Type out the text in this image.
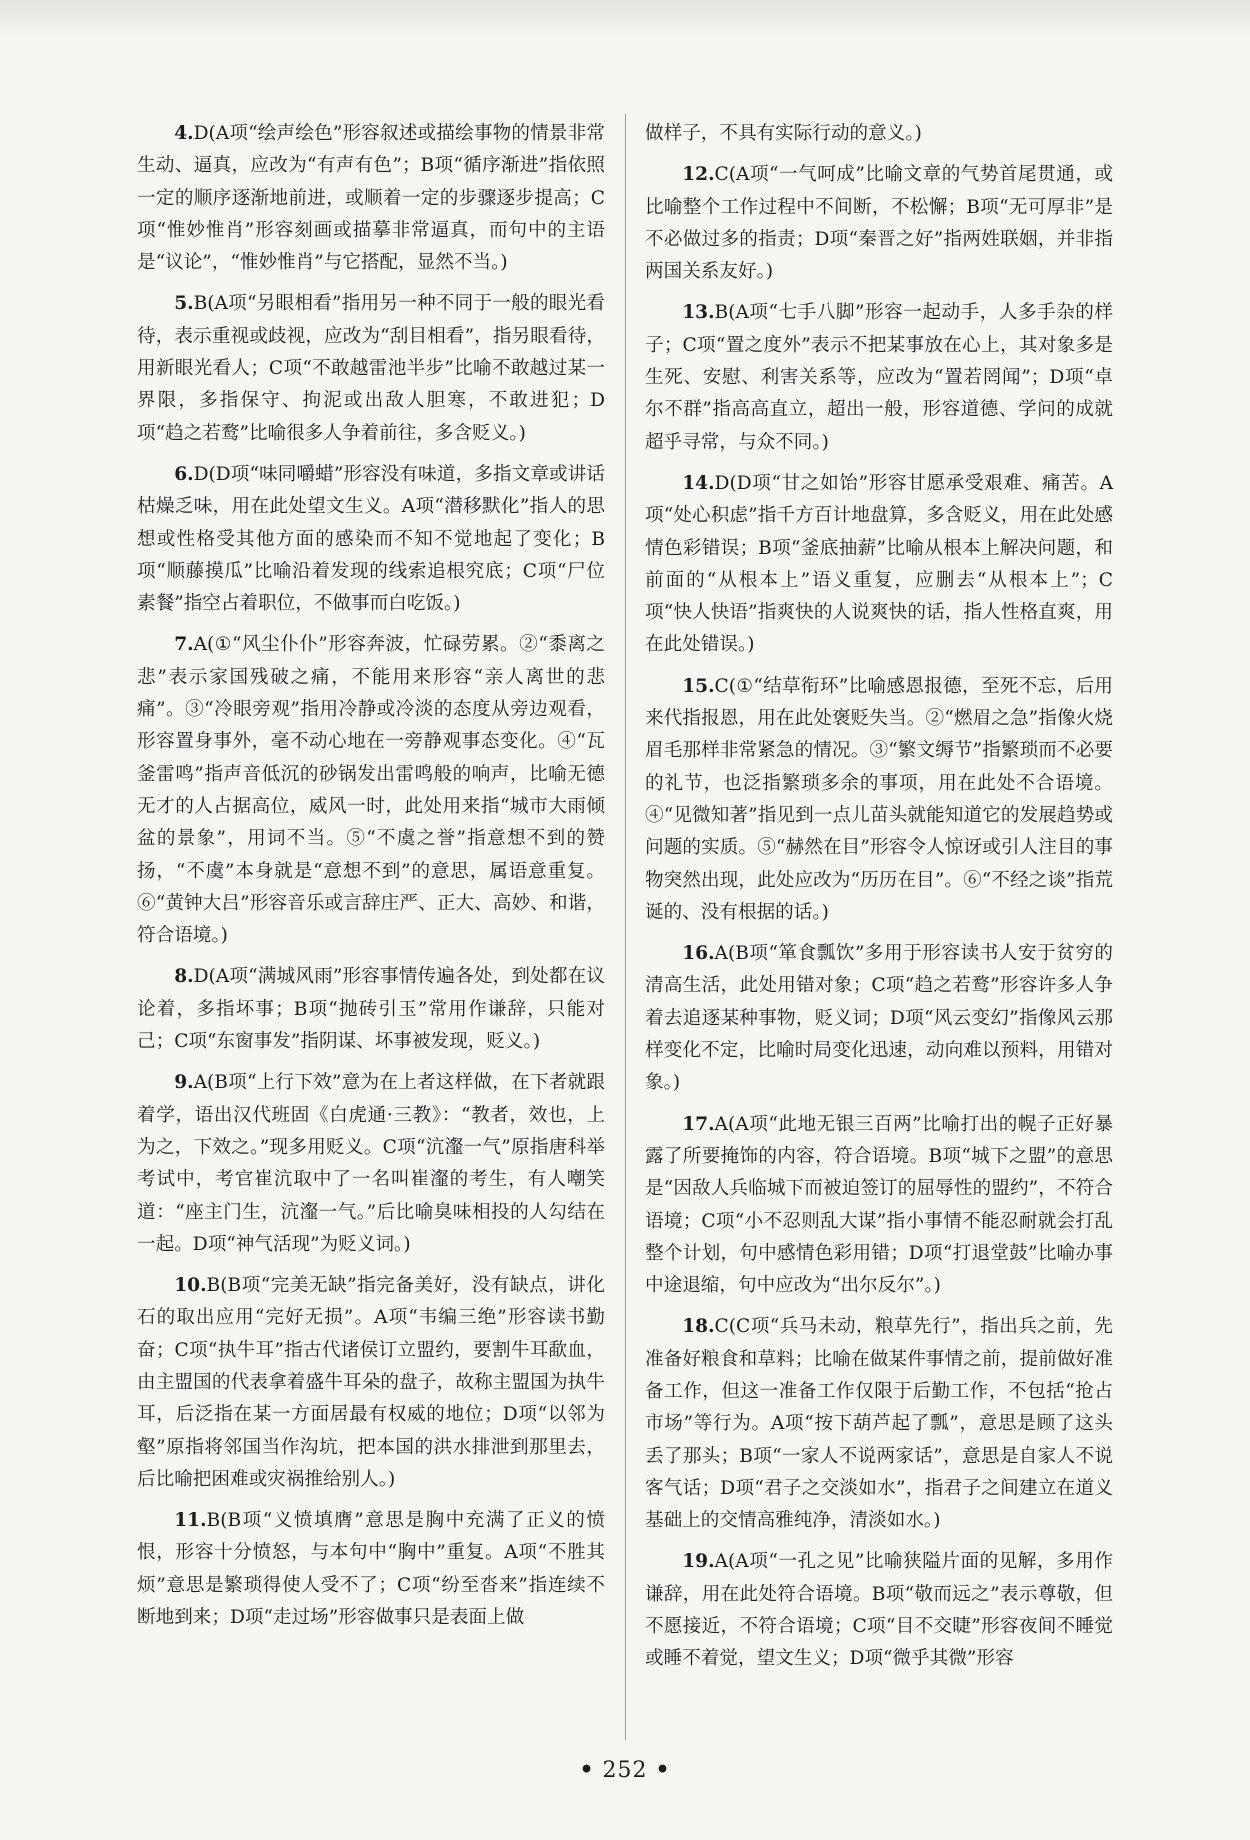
4.D(A项“绘声绘色”形容叙述或描绘事物的情景非常生动、逼真，应改为“有声有色”；B项“循序渐进”指依照一定的顺序逐渐地前进，或顺着一定的步骤逐步提高；C项“惟妙惟肖”形容刻画或描摹非常逼真，而句中的主语是“议论”，“惟妙惟肖”与它搭配，显然不当。)

5.B(A项“另眼相看”指用另一种不同于一般的眼光看待，表示重视或歧视，应改为“刮目相看”，指另眼看待，用新眼光看人；C项“不敢越雷池半步”比喻不敢越过某一界限，多指保守、拘泥或出敌人胆寒，不敢进犯；D项“趋之若鹜”比喻很多人争着前往，多含贬义。)

6.D(D项“味同嚼蜡”形容没有味道，多指文章或讲话枯燥乏味，用在此处望文生义。A项“潜移默化”指人的思想或性格受其他方面的感染而不知不觉地起了变化；B项“顺藤摸瓜”比喻沿着发现的线索追根究底；C项“尸位素餐”指空占着职位，不做事而白吃饭。)

7.A(①“风尘仆仆”形容奔波，忙碌劳累。②“黍离之悲”表示家国残破之痛，不能用来形容“亲人离世的悲痛”。③“冷眼旁观”指用冷静或冷淡的态度从旁边观看，形容置身事外，毫不动心地在一旁静观事态变化。④“瓦釜雷鸣”指声音低沉的砂锅发出雷鸣般的响声，比喻无德无才的人占据高位，威风一时，此处用来指“城市大雨倾盆的景象”，用词不当。⑤“不虞之誉”指意想不到的赞扬，“不虞”本身就是“意想不到”的意思，属语意重复。⑥“黄钟大吕”形容音乐或言辞庄严、正大、高妙、和谐，符合语境。)

8.D(A项“满城风雨”形容事情传遍各处，到处都在议论着，多指坏事；B项“抛砖引玉”常用作谦辞，只能对己；C项“东窗事发”指阴谋、坏事被发现，贬义。)

9.A(B项“上行下效”意为在上者这样做，在下者就跟着学，语出汉代班固《白虎通·三教》：“教者，效也，上为之，下效之。”现多用贬义。C项“沆瀣一气”原指唐科举考试中，考官崔沆取中了一名叫崔瀣的考生，有人嘲笑道：“座主门生，沆瀣一气。”后比喻臭味相投的人勾结在一起。D项“神气活现”为贬义词。)

10.B(B项“完美无缺”指完备美好，没有缺点，讲化石的取出应用“完好无损”。A项“韦编三绝”形容读书勤奋；C项“执牛耳”指古代诸侯订立盟约，要割牛耳歃血，由主盟国的代表拿着盛牛耳朵的盘子，故称主盟国为执牛耳，后泛指在某一方面居最有权威的地位；D项“以邻为壑”原指将邻国当作沟坑，把本国的洪水排泄到那里去，后比喻把困难或灾祸推给别人。)

11.B(B项“义愤填膺”意思是胸中充满了正义的愤恨，形容十分愤怒，与本句中“胸中”重复。A项“不胜其烦”意思是繁琐得使人受不了；C项“纷至沓来”指连续不断地到来；D项“走过场”形容做事只是表面上做

做样子，不具有实际行动的意义。)

12.C(A项“一气呵成”比喻文章的气势首尾贯通，或比喻整个工作过程中不间断，不松懈；B项“无可厚非”是不必做过多的指责；D项“秦晋之好”指两姓联姻，并非指两国关系友好。)

13.B(A项“七手八脚”形容一起动手，人多手杂的样子；C项“置之度外”表示不把某事放在心上，其对象多是生死、安慰、利害关系等，应改为“置若罔闻”；D项“卓尔不群”指高高直立，超出一般，形容道德、学问的成就超乎寻常，与众不同。)

14.D(D项“甘之如饴”形容甘愿承受艰难、痛苦。A项“处心积虑”指千方百计地盘算，多含贬义，用在此处感情色彩错误；B项“釜底抽薪”比喻从根本上解决问题，和前面的“从根本上”语义重复，应删去“从根本上”；C项“快人快语”指爽快的人说爽快的话，指人性格直爽，用在此处错误。)

15.C(①“结草衔环”比喻感恩报德，至死不忘，后用来代指报恩，用在此处褒贬失当。②“燃眉之急”指像火烧眉毛那样非常紧急的情况。③“繁文缛节”指繁琐而不必要的礼节，也泛指繁琐多余的事项，用在此处不合语境。④“见微知著”指见到一点儿苗头就能知道它的发展趋势或问题的实质。⑤“赫然在目”形容令人惊讶或引人注目的事物突然出现，此处应改为“历历在目”。⑥“不经之谈”指荒诞的、没有根据的话。)

16.A(B项“箪食瓢饮”多用于形容读书人安于贫穷的清高生活，此处用错对象；C项“趋之若鹜”形容许多人争着去追逐某种事物，贬义词；D项“风云变幻”指像风云那样变化不定，比喻时局变化迅速，动向难以预料，用错对象。)

17.A(A项“此地无银三百两”比喻打出的幌子正好暴露了所要掩饰的内容，符合语境。B项“城下之盟”的意思是“因敌人兵临城下而被迫签订的屈辱性的盟约”，不符合语境；C项“小不忍则乱大谋”指小事情不能忍耐就会打乱整个计划，句中感情色彩用错；D项“打退堂鼓”比喻办事中途退缩，句中应改为“出尔反尔”。)

18.C(C项“兵马未动，粮草先行”，指出兵之前，先准备好粮食和草料；比喻在做某件事情之前，提前做好准备工作，但这一准备工作仅限于后勤工作，不包括“抢占市场”等行为。A项“按下葫芦起了瓢”，意思是顾了这头丢了那头；B项“一家人不说两家话”，意思是自家人不说客气话；D项“君子之交淡如水”，指君子之间建立在道义基础上的交情高雅纯净，清淡如水。)

19.A(A项“一孔之见”比喻狭隘片面的见解，多用作谦辞，用在此处符合语境。B项“敬而远之”表示尊敬，但不愿接近，不符合语境；C项“目不交睫”形容夜间不睡觉或睡不着觉，望文生义；D项“微乎其微”形容

• 252 •
